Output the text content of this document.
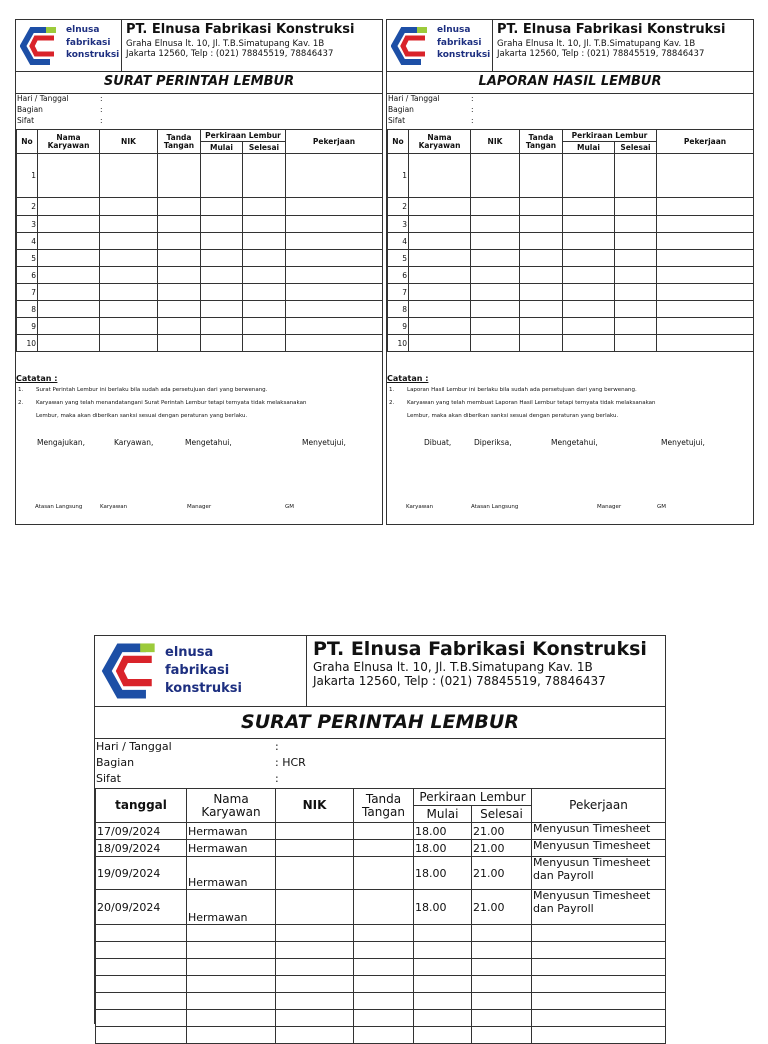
elnusa
fabrikasi
konstruksi
PT. Elnusa Fabrikasi Konstruksi
Graha Elnusa lt. 10, Jl. T.B.Simatupang Kav. 1B
Jakarta 12560, Telp : (021) 78845519, 78846437
SURAT PERINTAH LEMBUR
Hari / Tanggal	:
Bagian	:
Sifat	:
No	Nama Karyawan	NIK	Tanda Tangan	Perkiraan Lembur		Pekerjaan
				Mulai	Selesai	
1						
2						
3						
4						
5						
6						
7						
8						
9						
10						
Catatan :
1. Surat Perintah Lembur ini berlaku bila sudah ada persetujuan dari yang berwenang.
2. Karyawan yang telah menandatangani Surat Perintah Lembur tetapi ternyata tidak melaksanakan
Lembur, maka akan diberikan sanksi sesuai dengan peraturan yang berlaku.
Mengajukan,	Karyawan,	Mengetahui,	Menyetujui,
Atasan Langsung	Karyawan	Manager	GM
elnusa
fabrikasi
konstruksi
PT. Elnusa Fabrikasi Konstruksi
Graha Elnusa lt. 10, Jl. T.B.Simatupang Kav. 1B
Jakarta 12560, Telp : (021) 78845519, 78846437
LAPORAN HASIL LEMBUR
Hari / Tanggal	:
Bagian	:
Sifat	:
No	Nama Karyawan	NIK	Tanda Tangan	Perkiraan Lembur		Pekerjaan
				Mulai	Selesai	
1						
2						
3						
4						
5						
6						
7						
8						
9						
10						
Catatan :
1. Laporan Hasil Lembur ini berlaku bila sudah ada persetujuan dari yang berwenang.
2. Karyawan yang telah membuat Laporan Hasil Lembur tetapi ternyata tidak melaksanakan
Lembur, maka akan diberikan sanksi sesuai dengan peraturan yang berlaku.
Dibuat,	Diperiksa,	Mengetahui,	Menyetujui,
Karyawan	Atasan Langsung	Manager	GM
elnusa
fabrikasi
konstruksi
PT. Elnusa Fabrikasi Konstruksi
Graha Elnusa lt. 10, Jl. T.B.Simatupang Kav. 1B
Jakarta 12560, Telp : (021) 78845519, 78846437
SURAT PERINTAH LEMBUR
Hari / Tanggal	:
Bagian	: HCR
Sifat	:
tanggal	Nama Karyawan	NIK	Tanda Tangan	Perkiraan Lembur		Pekerjaan
				Mulai	Selesai	
17/09/2024	Hermawan			18.00	21.00	Menyusun Timesheet
18/09/2024	Hermawan			18.00	21.00	Menyusun Timesheet
19/09/2024	Hermawan			18.00	21.00	Menyusun Timesheet dan Payroll
20/09/2024	Hermawan			18.00	21.00	Menyusun Timesheet dan Payroll
